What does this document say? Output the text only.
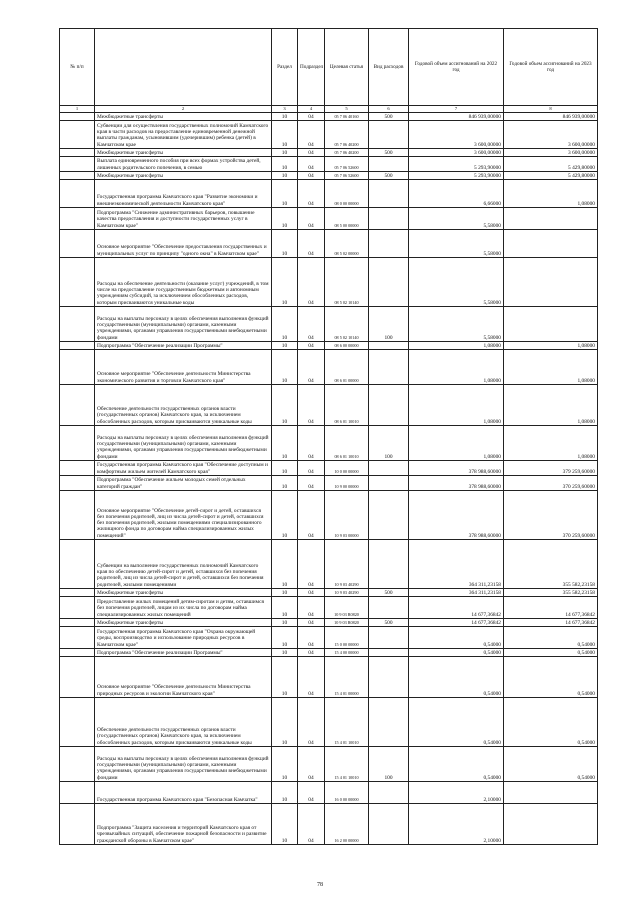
№ п/п		Раздел	Подраздел	Целевая статья	Вид расходов	Годовой объем ассигнований на 2022 год	Годовой объем ассигнований на 2023 год
1	2	3	4	5	6	7	8
	Межбюджетные трансферты	10	04	05 7 06 40160	500	846 939,00000	846 939,00000
	Субвенции для осуществления государственных полномочий Камчатского края в части расходов на предоставление единовременной денежной выплаты гражданам, усыновившим (удочерившим) ребенка (детей) в Камчатском крае	10	04	05 7 06 40200		3 600,00000	3 600,00000
	Межбюджетные трансферты	10	04	05 7 06 40200	500	3 600,00000	3 600,00000
	Выплата единовременного пособия при всех формах устройства детей, лишенных родительского попечения, в семью	10	04	05 7 06 52600		5 293,90000	5 429,80000
	Межбюджетные трансферты	10	04	05 7 06 52600	500	5 293,90000	5 429,80000
	Государственная программа Камчатского края "Развитие экономики и внешнеэкономической деятельности Камчатского края"	10	04	08 0 00 00000		6,66000	1,08000
	Подпрограмма "Снижение административных барьеров, повышение качества предоставления и доступности государственных услуг в Камчатском крае"	10	04	08 5 00 00000		5,58000	
	Основное мероприятие "Обеспечение предоставления государственных и муниципальных услуг по принципу "одного окна" в Камчатском крае"	10	04	08 5 02 00000		5,58000	
	Расходы на обеспечение деятельности (оказание услуг) учреждений, в том числе на предоставление государственным бюджетным и автономным учреждениям субсидий, за исключением обособленных расходов, которым присваиваются уникальные коды	10	04	08 5 02 10140		5,58000	
	Расходы на выплаты персоналу в целях обеспечения выполнения функций государственными (муниципальными) органами, казенными учреждениями, органами управления государственными внебюджетными фондами	10	04	08 5 02 10140	100	5,58000	
	Подпрограмма "Обеспечение реализации Программы"	10	04	08 6 00 00000		1,08000	1,08000
	Основное мероприятие "Обеспечение деятельности Министерства экономического развития и торговли Камчатского края"	10	04	08 6 01 00000		1,08000	1,08000
	Обеспечение деятельности государственных органов власти (государственных органов) Камчатского края, за исключением обособленных расходов, которым присваиваются уникальные коды	10	04	08 6 01 10010		1,08000	1,08000
	Расходы на выплаты персоналу в целях обеспечения выполнения функций государственными (муниципальными) органами, казенными учреждениями, органами управления государственными внебюджетными фондами	10	04	08 6 01 10010	100	1,08000	1,08000
	Государственная программа Камчатского края "Обеспечение доступным и комфортным жильем жителей Камчатского края"	10	04	10 0 00 00000		378 988,60000	379 259,60000
	Подпрограмма "Обеспечение жильем молодых семей отдельных категорий граждан"	10	04	10 9 00 00000		378 988,60000	370 259,60000
	Основное мероприятие "Обеспечение детей-сирот и детей, оставшихся без попечения родителей, лиц из числа детей-сирот и детей, оставшихся без попечения родителей, жилыми помещениями специализированного жилищного фонда по договорам найма специализированных жилых помещений"	10	04	10 9 03 00000		378 988,60000	370 259,60000
	Субвенции на выполнение государственных полномочий Камчатского края по обеспечению детей-сирот и детей, оставшихся без попечения родителей, лиц из числа детей-сирот и детей, оставшихся без попечения родителей, жилыми помещениями	10	04	10 9 03 40290		364 311,23158	355 582,23158
	Межбюджетные трансферты	10	04	10 9 03 40290	500	364 311,23158	355 582,23158
	Предоставление жилых помещений детям-сиротам и детям, оставшимся без попечения родителей, лицам из их числа по договорам найма специализированных жилых помещений	10	04	10 9 03 R0820		14 677,36842	14 677,36842
	Межбюджетные трансферты	10	04	10 9 03 R0820	500	14 677,36842	14 677,36842
	Государственная программа Камчатского края "Охрана окружающей среды, воспроизводство и использование природных ресурсов в Камчатском крае"	10	04	15 0 00 00000		0,54000	0,54000
	Подпрограмма "Обеспечение реализации Программы"	10	04	15 4 00 00000		0,54000	0,54000
	Основное мероприятие "Обеспечение деятельности Министерства природных ресурсов и экологии Камчатского края"	10	04	15 4 01 00000		0,54000	0,54000
	Обеспечение деятельности государственных органов власти (государственных органов) Камчатского края, за исключением обособленных расходов, которым присваиваются уникальные коды	10	04	15 4 01 10010		0,54000	0,54000
	Расходы на выплаты персоналу в целях обеспечения выполнения функций государственными (муниципальными) органами, казенными учреждениями, органами управления государственными внебюджетными фондами	10	04	15 4 01 10010	100	0,54000	0,54000
	Государственная программа Камчатского края "Безопасная Камчатка"	10	04	16 0 00 00000		2,10000	
	Подпрограмма "Защита населения и территорий Камчатского края от чрезвычайных ситуаций, обеспечение пожарной безопасности и развитие гражданской обороны в Камчатском крае"	10	04	16 2 00 00000		2,10000	
78
